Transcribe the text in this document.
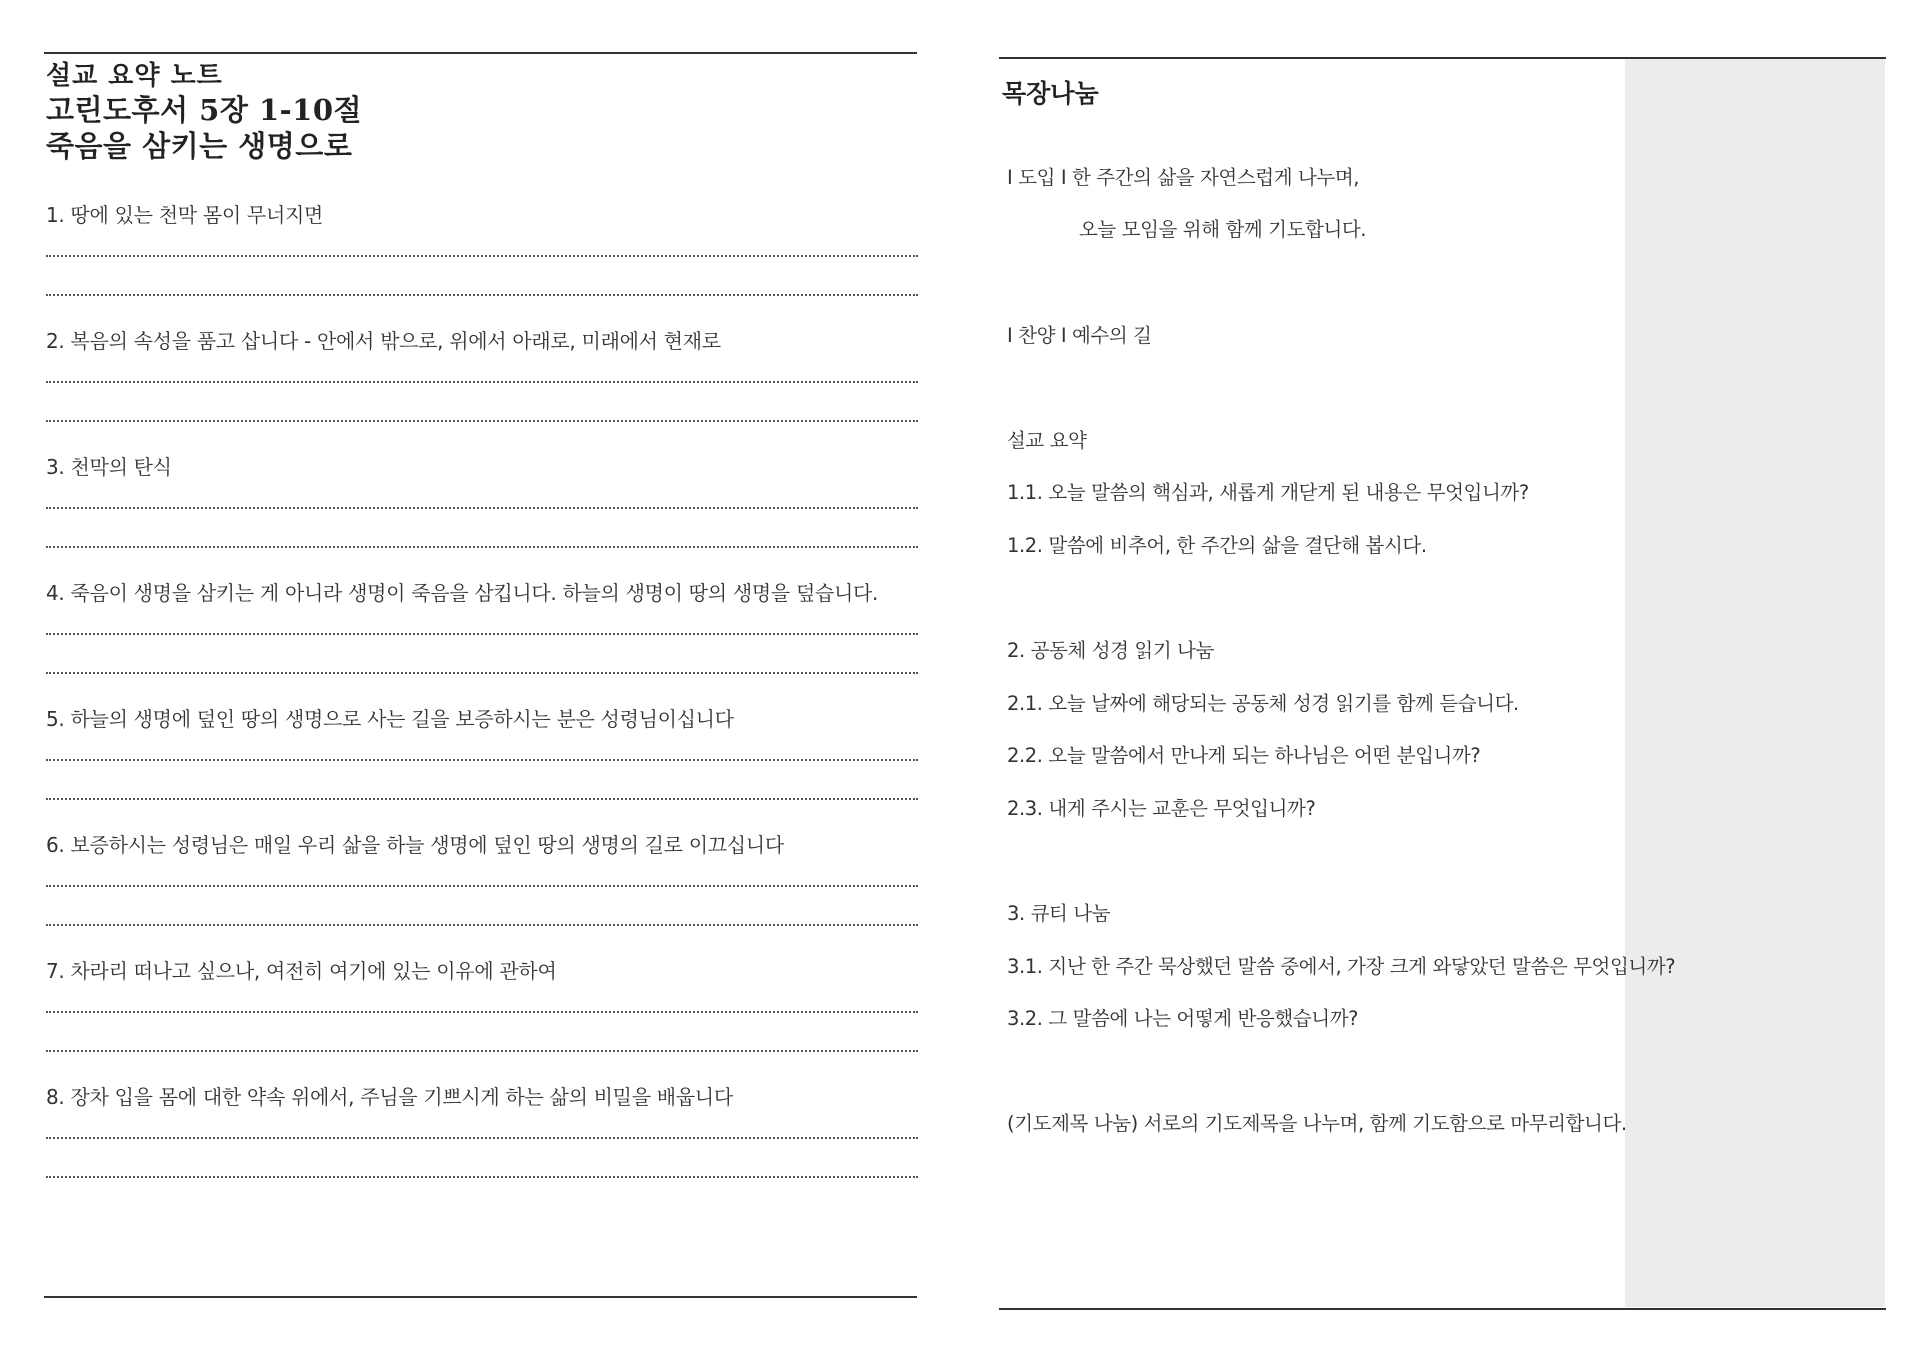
설교 요약 노트
고린도후서 5장 1-10절
죽음을 삼키는 생명으로
1. 땅에 있는 천막 몸이 무너지면
2. 복음의 속성을 품고 삽니다 - 안에서 밖으로, 위에서 아래로, 미래에서 현재로
3. 천막의 탄식
4. 죽음이 생명을 삼키는 게 아니라 생명이 죽음을 삼킵니다. 하늘의 생명이 땅의 생명을 덮습니다.
5. 하늘의 생명에 덮인 땅의 생명으로 사는 길을 보증하시는 분은 성령님이십니다
6. 보증하시는 성령님은 매일 우리 삶을 하늘 생명에 덮인 땅의 생명의 길로 이끄십니다
7. 차라리 떠나고 싶으나, 여전히 여기에 있는 이유에 관하여
8. 장차 입을 몸에 대한 약속 위에서, 주님을 기쁘시게 하는 삶의 비밀을 배웁니다
목장나눔
I 도입 I 한 주간의 삶을 자연스럽게 나누며,
오늘 모임을 위해 함께 기도합니다.
I 찬양 I 예수의 길
설교 요약
1.1. 오늘 말씀의 핵심과, 새롭게 개닫게 된 내용은 무엇입니까?
1.2. 말씀에 비추어, 한 주간의 삶을 결단해 봅시다.
2. 공동체 성경 읽기 나눔
2.1. 오늘 날짜에 해당되는 공동체 성경 읽기를 함께 듣습니다.
2.2. 오늘 말씀에서 만나게 되는 하나님은 어떤 분입니까?
2.3. 내게 주시는 교훈은 무엇입니까?
3. 큐티 나눔
3.1. 지난 한 주간 묵상했던 말씀 중에서, 가장 크게 와닿았던 말씀은 무엇입니까?
3.2. 그 말씀에 나는 어떻게 반응했습니까?
(기도제목 나눔) 서로의 기도제목을 나누며, 함께 기도함으로 마무리합니다.
